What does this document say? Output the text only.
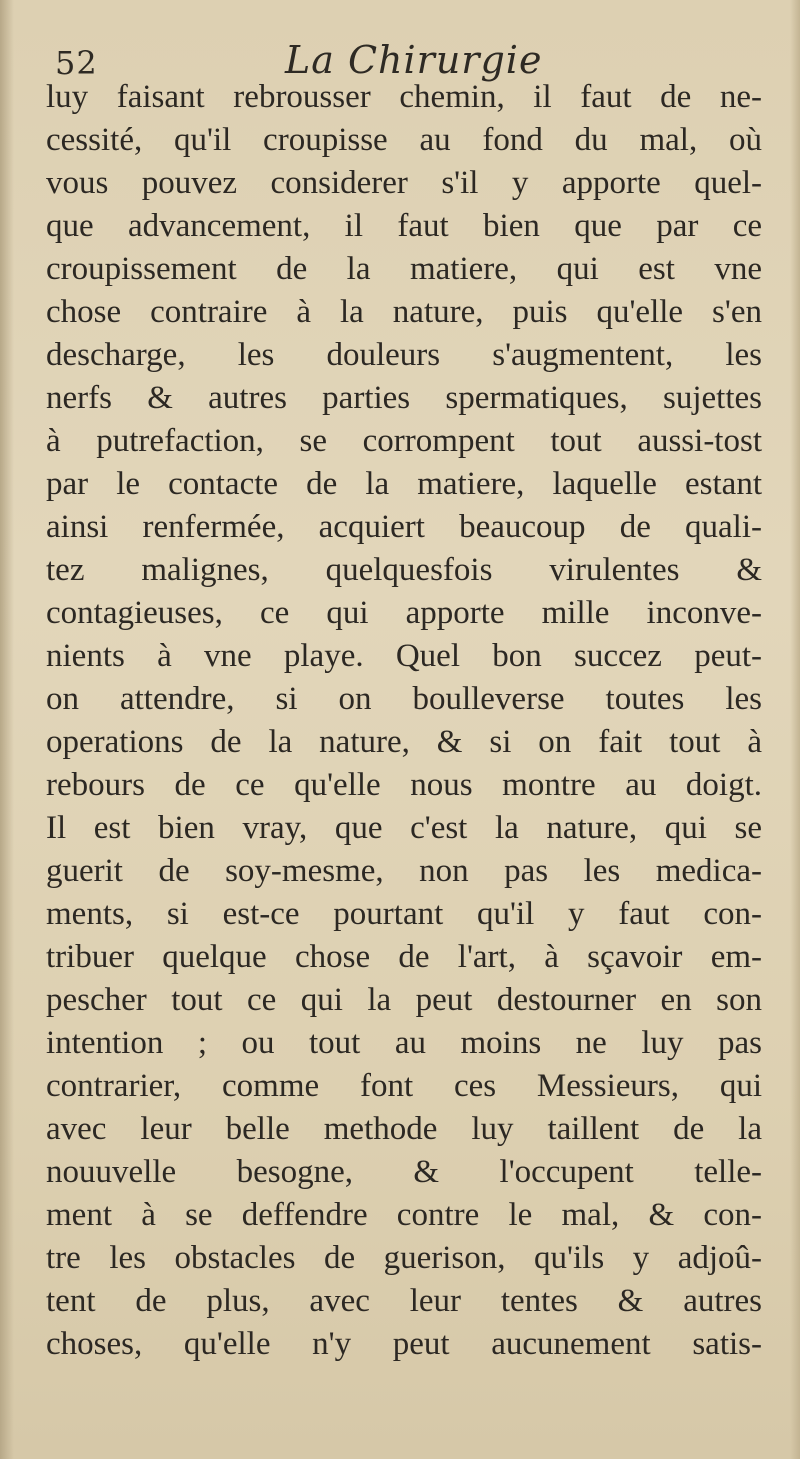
52	La Chirurgie
luy faisant rebrousser chemin, il faut de ne-
cessité, qu'il croupisse au fond du mal, où
vous pouvez considerer s'il y apporte quel-
que advancement, il faut bien que par ce
croupissement de la matiere, qui est vne
chose contraire à la nature, puis qu'elle s'en
descharge, les douleurs s'augmentent, les
nerfs & autres parties spermatiques, sujettes
à putrefaction, se corrompent tout aussi-tost
par le contacte de la matiere, laquelle estant
ainsi renfermée, acquiert beaucoup de quali-
tez malignes, quelquesfois virulentes &
contagieuses, ce qui apporte mille inconve-
nients à vne playe. Quel bon succez peut-
on attendre, si on boulleverse toutes les
operations de la nature, & si on fait tout à
rebours de ce qu'elle nous montre au doigt.
Il est bien vray, que c'est la nature, qui se
guerit de soy-mesme, non pas les medica-
ments, si est-ce pourtant qu'il y faut con-
tribuer quelque chose de l'art, à sçavoir em-
pescher tout ce qui la peut destourner en son
intention ; ou tout au moins ne luy pas
contrarier, comme font ces Messieurs, qui
avec leur belle methode luy taillent de la
nouuvelle besogne, & l'occupent telle-
ment à se deffendre contre le mal, & con-
tre les obstacles de guerison, qu'ils y adjoû-
tent de plus, avec leur tentes & autres
choses, qu'elle n'y peut aucunement satis-
